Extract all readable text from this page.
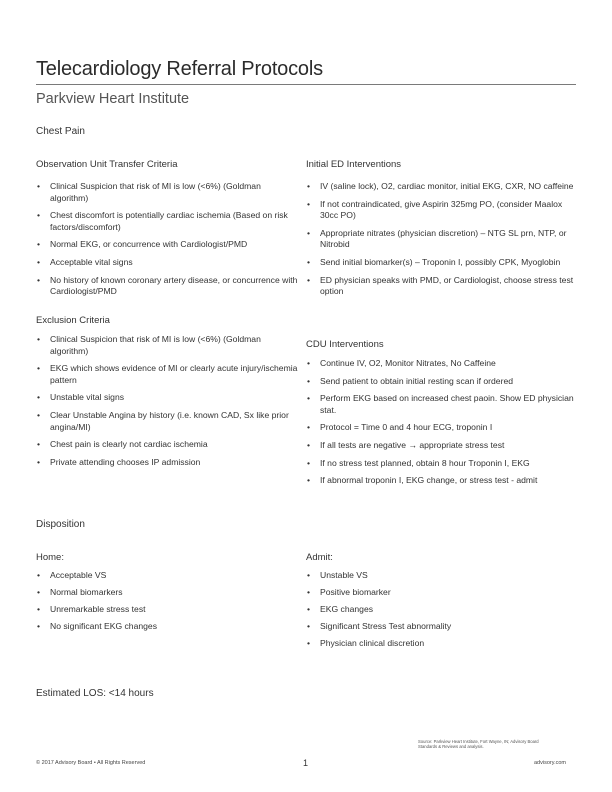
Telecardiology Referral Protocols
Parkview Heart Institute
Chest Pain
Observation Unit Transfer Criteria
• Clinical Suspicion that risk of MI is low (<6%) (Goldman algorithm)
• Chest discomfort is potentially cardiac ischemia (Based on risk factors/discomfort)
• Normal EKG, or concurrence with Cardiologist/PMD
• Acceptable vital signs
• No history of known coronary artery disease, or concurrence with Cardiologist/PMD
Exclusion Criteria
• Clinical Suspicion that risk of MI is low (<6%) (Goldman algorithm)
• EKG which shows evidence of MI or clearly acute injury/ischemia pattern
• Unstable vital signs
• Clear Unstable Angina by history (i.e. known CAD, Sx like prior angina/MI)
• Chest pain is clearly not cardiac ischemia
• Private attending chooses IP admission
Initial ED Interventions
• IV (saline lock), O2, cardiac monitor, initial EKG, CXR, NO caffeine
• If not contraindicated, give Aspirin 325mg PO, (consider Maalox 30cc PO)
• Appropriate nitrates (physician discretion) – NTG SL prn, NTP, or Nitrobid
• Send initial biomarker(s) – Troponin I, possibly CPK, Myoglobin
• ED physician speaks with PMD, or Cardiologist, choose stress test option
CDU Interventions
• Continue IV, O2, Monitor Nitrates, No Caffeine
• Send patient to obtain initial resting scan if ordered
• Perform EKG based on increased chest paoin. Show ED physician stat.
• Protocol = Time 0 and 4 hour ECG, troponin I
• If all tests are negative → appropriate stress test
• If no stress test planned, obtain 8 hour Troponin I, EKG
• If abnormal troponin I, EKG change, or stress test - admit
Disposition
Home:
• Acceptable VS
• Normal biomarkers
• Unremarkable stress test
• No significant EKG changes
Admit:
• Unstable VS
• Positive biomarker
• EKG changes
• Significant Stress Test abnormality
• Physician clinical discretion
Estimated LOS: <14 hours
Source: Parkview Heart Institute, Fort Wayne, IN; Advisory Board
Standards & Reviews and analysis.
© 2017 Advisory Board • All Rights Reserved	1	advisory.com
